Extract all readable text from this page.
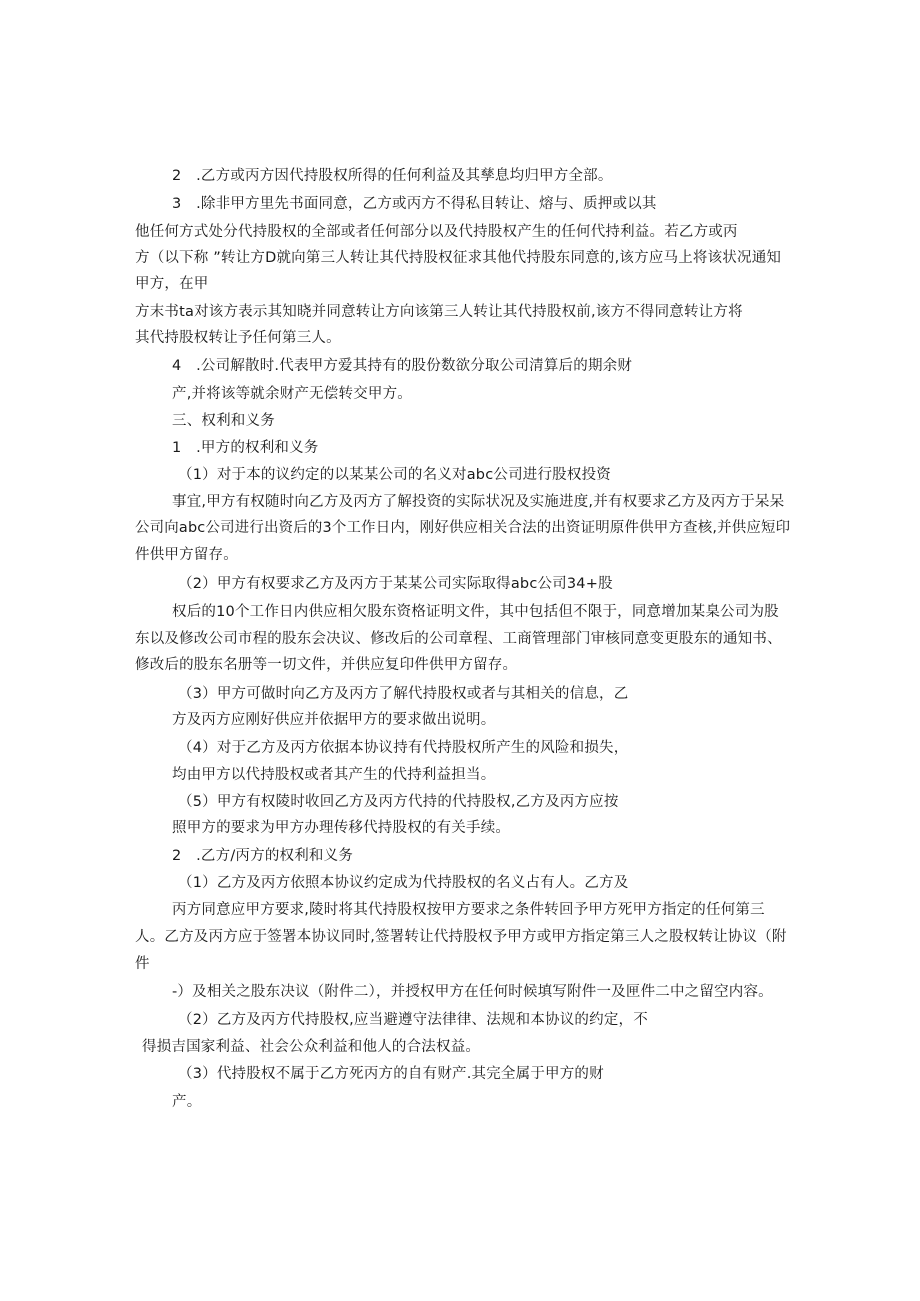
2　.乙方或丙方因代持股权所得的任何利益及其孳息均归甲方全部。
3　.除非甲方里先书面同意，乙方或丙方不得私目转让、熔与、质押或以其
他任何方式处分代持股权的全部或者任何部分以及代持股权产生的任何代持利益。若乙方或丙
方（以下称 ”转让方D就向第三人转让其代持股权征求其他代持股东同意的,该方应马上将该状况通知
甲方，在甲
方末书ta对该方表示其知晓并同意转让方向该第三人转让其代持股权前,该方不得同意转让方将
其代持股权转让予任何第三人。
4　.公司解散时.代表甲方爱其持有的股份数欲分取公司清算后的期余财
产,并将该等就余财产无偿转交甲方。
三、权利和义务
1　.甲方的权利和义务
（1）对于本的议约定的以某某公司的名义对abc公司进行股权投资
事宜,甲方有权随时向乙方及丙方了解投资的实际状况及实施进度,并有权要求乙方及丙方于呆呆
公司向abc公司进行出资后的3个工作日内，刚好供应相关合法的出资证明原件供甲方查核,并供应短印
件供甲方留存。
（2）甲方有权要求乙方及丙方于某某公司实际取得abc公司34+股
权后的10个工作日内供应相欠股东资格证明文件，其中包括但不限于，同意增加某臬公司为股
东以及修改公司市程的股东会决议、修改后的公司章程、工商管理部门审核同意变更股东的通知书、
修改后的股东名册等一切文件，并供应复印件供甲方留存。
（3）甲方可做时向乙方及丙方了解代持股权或者与其相关的信息，乙
方及丙方应刚好供应并依据甲方的要求做出说明。
（4）对于乙方及丙方依据本协议持有代持股权所产生的风险和损失，
均由甲方以代持股权或者其产生的代持利益担当。
（5）甲方有权陵时收回乙方及丙方代持的代持股权,乙方及丙方应按
照甲方的要求为甲方办理传移代持股权的有关手续。
2　.乙方/丙方的权利和义务
（1）乙方及丙方依照本协议约定成为代持股权的名义占有人。乙方及
丙方同意应甲方要求,陵时将其代持股权按甲方要求之条件转回予甲方死甲方指定的任何第三
人。乙方及丙方应于签署本协议同时,签署转让代持股权予甲方或甲方指定第三人之股权转让协议（附
件
-）及相关之股东决议（附件二），并授权甲方在任何时候填写附件一及匣件二中之留空内容。
（2）乙方及丙方代持股权,应当避遵守法律律、法规和本协议的约定，不
得损吉国家利益、社会公众利益和他人的合法权益。
（3）代持股权不属于乙方死丙方的自有财产.其完全属于甲方的财
产。
